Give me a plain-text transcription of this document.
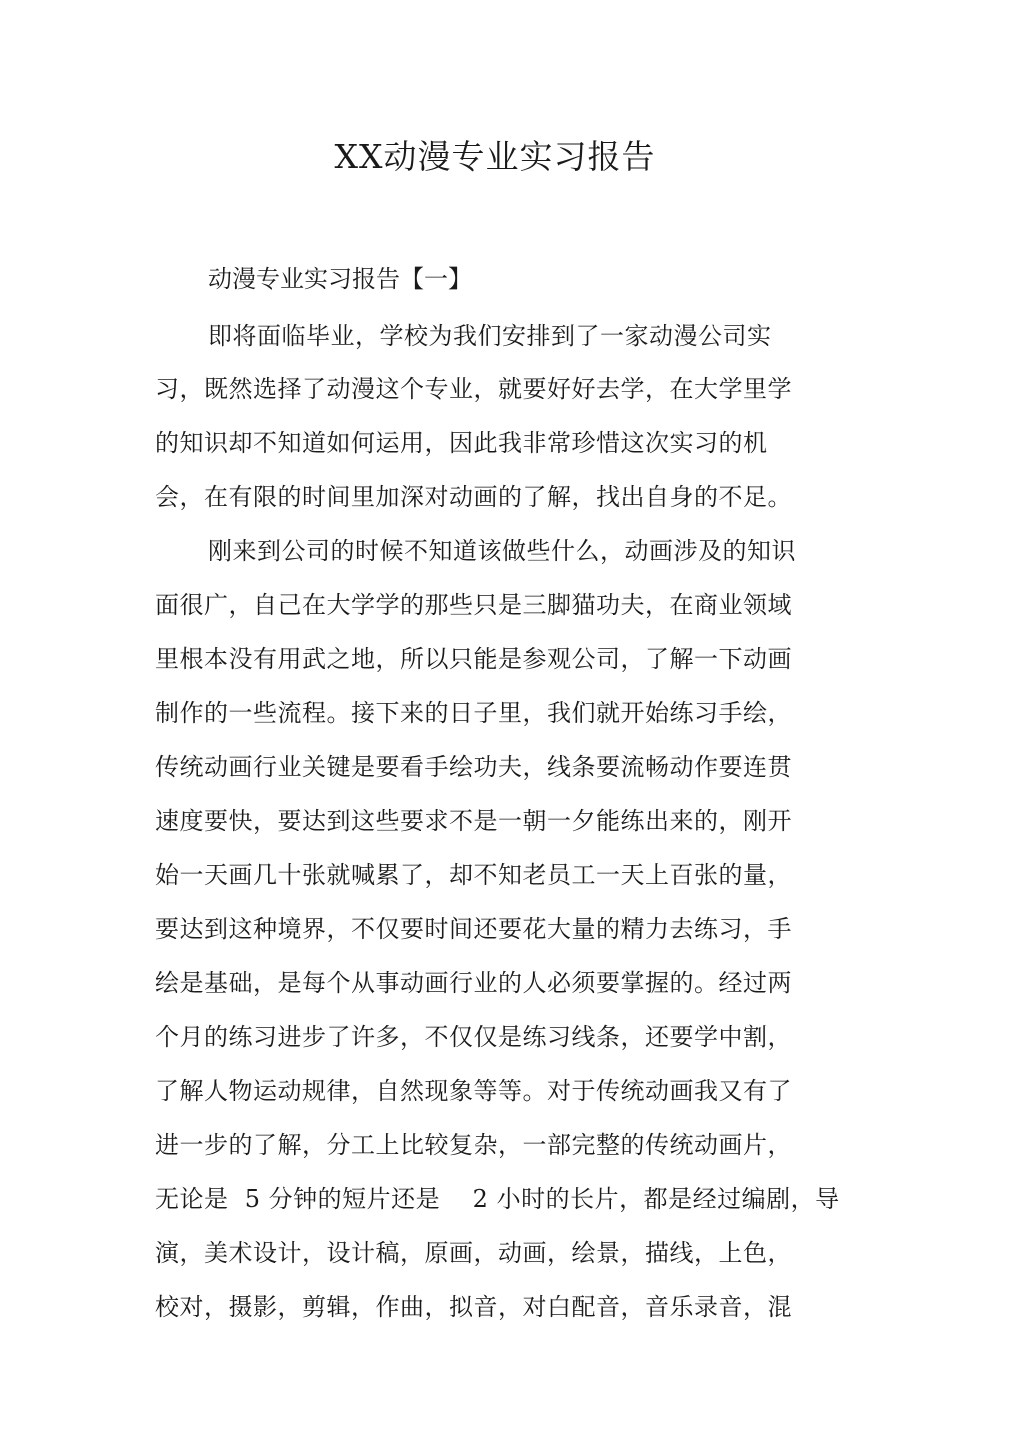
XX动漫专业实习报告
动漫专业实习报告【一】
即将面临毕业，学校为我们安排到了一家动漫公司实
习，既然选择了动漫这个专业，就要好好去学，在大学里学
的知识却不知道如何运用，因此我非常珍惜这次实习的机
会，在有限的时间里加深对动画的了解，找出自身的不足。
刚来到公司的时候不知道该做些什么，动画涉及的知识
面很广，自己在大学学的那些只是三脚猫功夫，在商业领域
里根本没有用武之地，所以只能是参观公司，了解一下动画
制作的一些流程。接下来的日子里，我们就开始练习手绘，
传统动画行业关键是要看手绘功夫，线条要流畅动作要连贯
速度要快，要达到这些要求不是一朝一夕能练出来的，刚开
始一天画几十张就喊累了，却不知老员工一天上百张的量，
要达到这种境界，不仅要时间还要花大量的精力去练习，手
绘是基础，是每个从事动画行业的人必须要掌握的。经过两
个月的练习进步了许多，不仅仅是练习线条，还要学中割，
了解人物运动规律，自然现象等等。对于传统动画我又有了
进一步的了解，分工上比较复杂，一部完整的传统动画片，
无论是  5 分钟的短片还是    2 小时的长片，都是经过编剧，导
演，美术设计，设计稿，原画，动画，绘景，描线，上色，
校对，摄影，剪辑，作曲，拟音，对白配音，音乐录音，混
